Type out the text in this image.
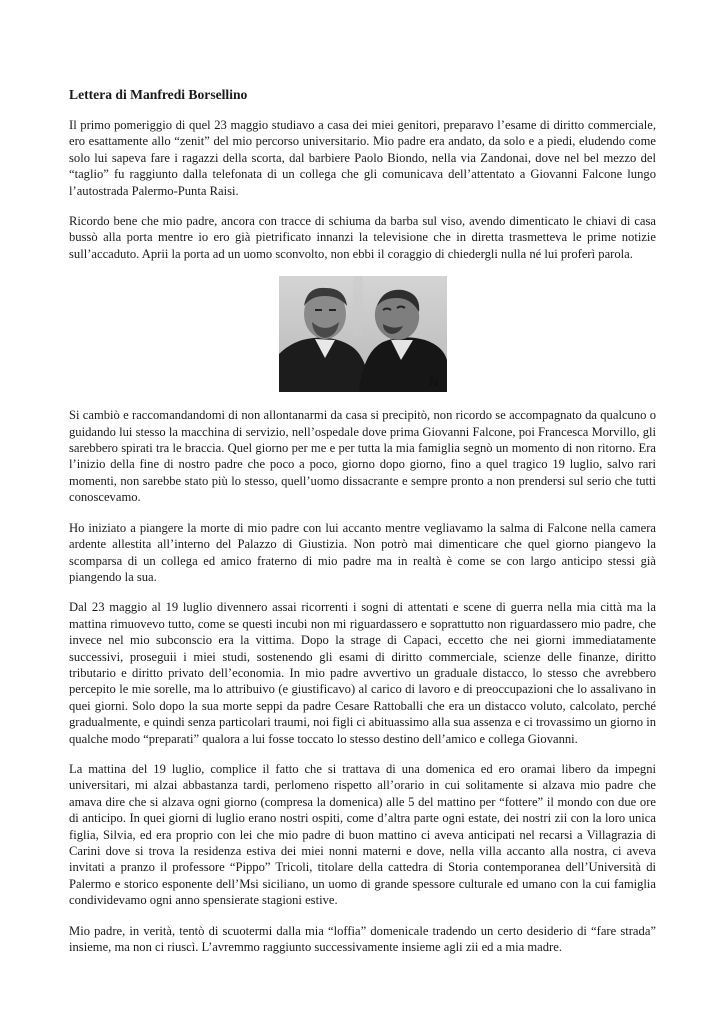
Lettera di Manfredi Borsellino

Il primo pomeriggio di quel 23 maggio studiavo a casa dei miei genitori, preparavo l’esame di diritto commerciale, ero esattamente allo “zenit” del mio percorso universitario. Mio padre era andato, da solo e a piedi, eludendo come solo lui sapeva fare i ragazzi della scorta, dal barbiere Paolo Biondo, nella via Zandonai, dove nel bel mezzo del “taglio” fu raggiunto dalla telefonata di un collega che gli comunicava dell’attentato a Giovanni Falcone lungo l’autostrada Palermo-Punta Raisi.

Ricordo bene che mio padre, ancora con tracce di schiuma da barba sul viso, avendo dimenticato le chiavi di casa bussò alla porta mentre io ero già pietrificato innanzi la televisione che in diretta trasmetteva le prime notizie sull’accaduto. Aprii la porta ad un uomo sconvolto, non ebbi il coraggio di chiedergli nulla né lui proferì parola.

N

Si cambiò e raccomandandomi di non allontanarmi da casa si precipitò, non ricordo se accompagnato da qualcuno o guidando lui stesso la macchina di servizio, nell’ospedale dove prima Giovanni Falcone, poi Francesca Morvillo, gli sarebbero spirati tra le braccia. Quel giorno per me e per tutta la mia famiglia segnò un momento di non ritorno. Era l’inizio della fine di nostro padre che poco a poco, giorno dopo giorno, fino a quel tragico 19 luglio, salvo rari momenti, non sarebbe stato più lo stesso, quell’uomo dissacrante e sempre pronto a non prendersi sul serio che tutti conoscevamo.

Ho iniziato a piangere la morte di mio padre con lui accanto mentre vegliavamo la salma di Falcone nella camera ardente allestita all’interno del Palazzo di Giustizia. Non potrò mai dimenticare che quel giorno piangevo la scomparsa di un collega ed amico fraterno di mio padre ma in realtà è come se con largo anticipo stessi già piangendo la sua.

Dal 23 maggio al 19 luglio divennero assai ricorrenti i sogni di attentati e scene di guerra nella mia città ma la mattina rimuovevo tutto, come se questi incubi non mi riguardassero e soprattutto non riguardassero mio padre, che invece nel mio subconscio era la vittima. Dopo la strage di Capaci, eccetto che nei giorni immediatamente successivi, proseguii i miei studi, sostenendo gli esami di diritto commerciale, scienze delle finanze, diritto tributario e diritto privato dell’economia. In mio padre avvertivo un graduale distacco, lo stesso che avrebbero percepito le mie sorelle, ma lo attribuivo (e giustificavo) al carico di lavoro e di preoccupazioni che lo assalivano in quei giorni. Solo dopo la sua morte seppi da padre Cesare Rattoballi che era un distacco voluto, calcolato, perché gradualmente, e quindi senza particolari traumi, noi figli ci abituassimo alla sua assenza e ci trovassimo un giorno in qualche modo “preparati” qualora a lui fosse toccato lo stesso destino dell’amico e collega Giovanni.

La mattina del 19 luglio, complice il fatto che si trattava di una domenica ed ero oramai libero da impegni universitari, mi alzai abbastanza tardi, perlomeno rispetto all’orario in cui solitamente si alzava mio padre che amava dire che si alzava ogni giorno (compresa la domenica) alle 5 del mattino per “fottere” il mondo con due ore di anticipo. In quei giorni di luglio erano nostri ospiti, come d’altra parte ogni estate, dei nostri zii con la loro unica figlia, Silvia, ed era proprio con lei che mio padre di buon mattino ci aveva anticipati nel recarsi a Villagrazia di Carini dove si trova la residenza estiva dei miei nonni materni e dove, nella villa accanto alla nostra, ci aveva invitati a pranzo il professore “Pippo” Tricoli, titolare della cattedra di Storia contemporanea dell’Università di Palermo e storico esponente dell’Msi siciliano, un uomo di grande spessore culturale ed umano con la cui famiglia condividevamo ogni anno spensierate stagioni estive.

Mio padre, in verità, tentò di scuotermi dalla mia “loffia” domenicale tradendo un certo desiderio di “fare strada” insieme, ma non ci riuscì. L’avremmo raggiunto successivamente insieme agli zii ed a mia madre.
